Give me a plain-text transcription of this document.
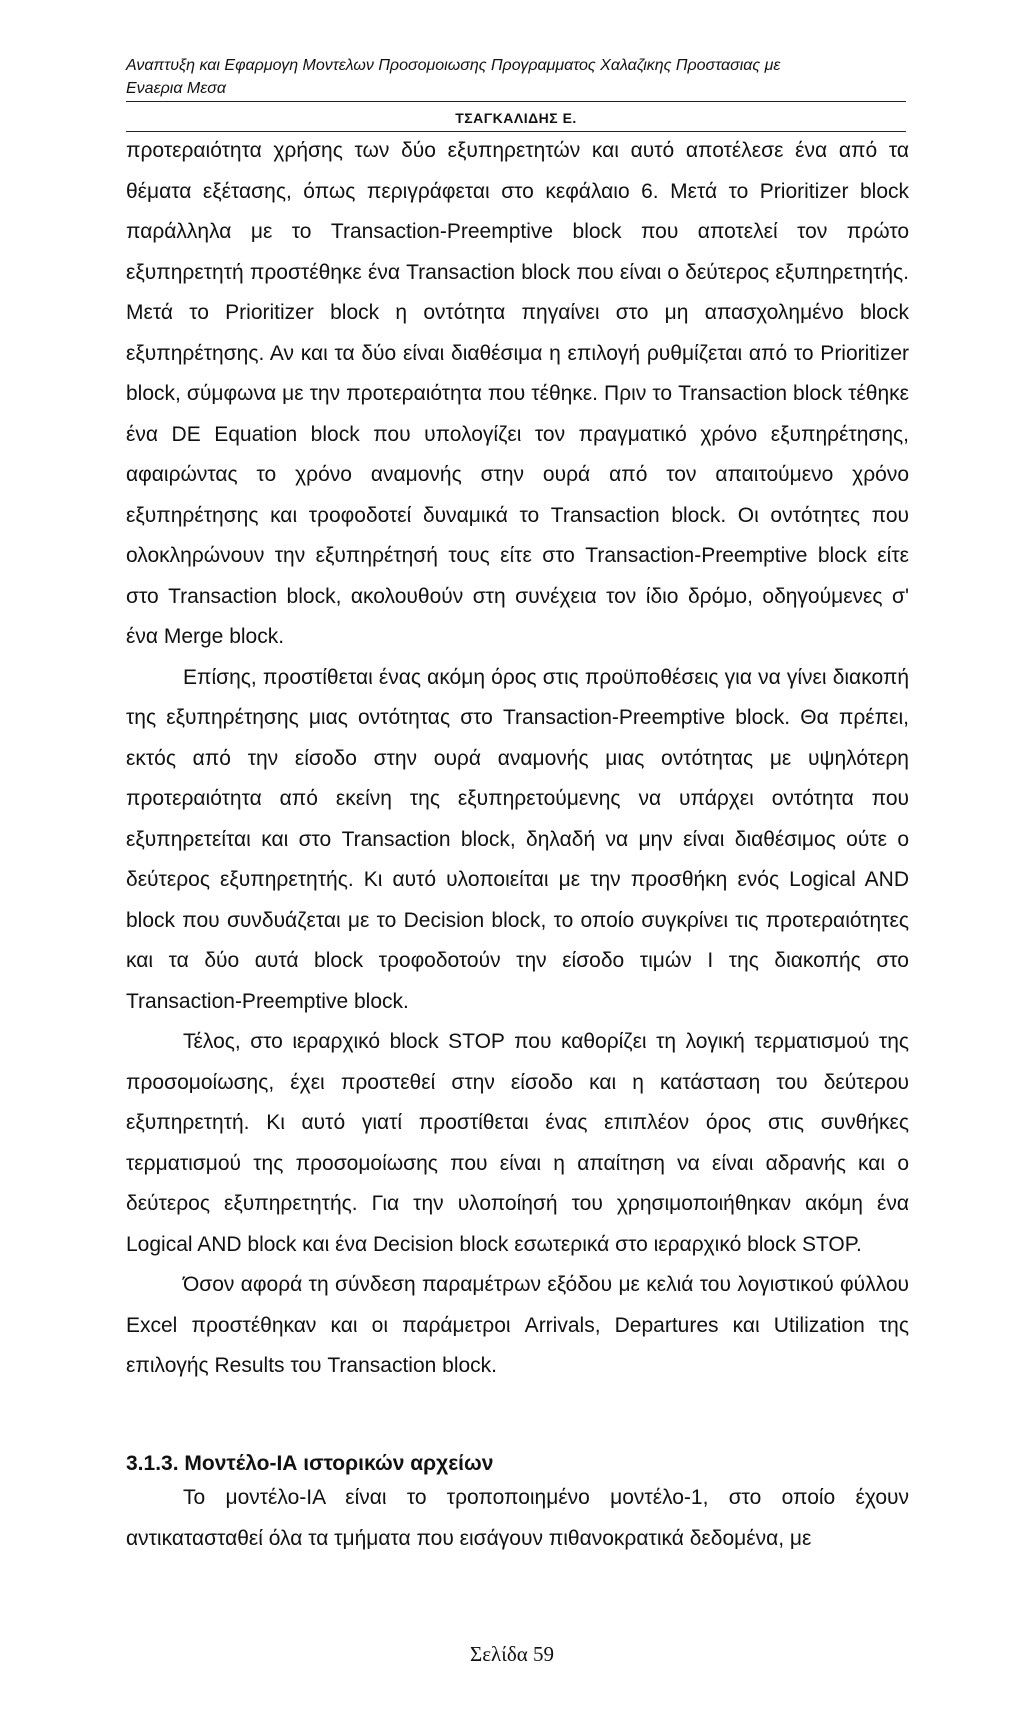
Αναπτυξη και Εφαρμογη Μοντελων Προσομοιωσης Προγραμματος Χαλαζικης Προστασιας με
Ενaερια Μεσα
ΤΣΑΓΚΑΛΙΔΗΣ Ε.

προτεραιότητα χρήσης των δύο εξυπηρετητών και αυτό αποτέλεσε ένα από τα θέματα εξέτασης, όπως περιγράφεται στο κεφάλαιο 6. Μετά το Prioritizer block παράλληλα με το Transaction-Preemptive block που αποτελεί τον πρώτο εξυπηρετητή προστέθηκε ένα Transaction block που είναι ο δεύτερος εξυπηρετητής. Μετά το Prioritizer block η οντότητα πηγαίνει στο μη απασχολημένο block εξυπηρέτησης. Αν και τα δύο είναι διαθέσιμα η επιλογή ρυθμίζεται από το Prioritizer block, σύμφωνα με την προτεραιότητα που τέθηκε. Πριν το Transaction block τέθηκε ένα DE Equation block που υπολογίζει τον πραγματικό χρόνο εξυπηρέτησης, αφαιρώντας το χρόνο αναμονής στην ουρά από τον απαιτούμενο χρόνο εξυπηρέτησης και τροφοδοτεί δυναμικά το Transaction block. Οι οντότητες που ολοκληρώνουν την εξυπηρέτησή τους είτε στο Transaction-Preemptive block είτε στο Transaction block, ακολουθούν στη συνέχεια τον ίδιο δρόμο, οδηγούμενες σ' ένα Merge block.

Επίσης, προστίθεται ένας ακόμη όρος στις προϋποθέσεις για να γίνει διακοπή της εξυπηρέτησης μιας οντότητας στο Transaction-Preemptive block. Θα πρέπει, εκτός από την είσοδο στην ουρά αναμονής μιας οντότητας με υψηλότερη προτεραιότητα από εκείνη της εξυπηρετούμενης να υπάρχει οντότητα που εξυπηρετείται και στο Transaction block, δηλαδή να μην είναι διαθέσιμος ούτε ο δεύτερος εξυπηρετητής. Κι αυτό υλοποιείται με την προσθήκη ενός Logical AND block που συνδυάζεται με το Decision block, το οποίο συγκρίνει τις προτεραιότητες και τα δύο αυτά block τροφοδοτούν την είσοδο τιμών I της διακοπής στο Transaction-Preemptive block.

Τέλος, στο ιεραρχικό block STOP που καθορίζει τη λογική τερματισμού της προσομοίωσης, έχει προστεθεί στην είσοδο και η κατάσταση του δεύτερου εξυπηρετητή. Κι αυτό γιατί προστίθεται ένας επιπλέον όρος στις συνθήκες τερματισμού της προσομοίωσης που είναι η απαίτηση να είναι αδρανής και ο δεύτερος εξυπηρετητής. Για την υλοποίησή του χρησιμοποιήθηκαν ακόμη ένα Logical AND block και ένα Decision block εσωτερικά στο ιεραρχικό block STOP.

Όσον αφορά τη σύνδεση παραμέτρων εξόδου με κελιά του λογιστικού φύλλου Excel προστέθηκαν και οι παράμετροι Arrivals, Departures και Utilization της επιλογής Results του Transaction block.

3.1.3. Μοντέλο-ΙΑ ιστορικών αρχείων

Το μοντέλο-ΙΑ είναι το τροποποιημένο μοντέλο-1, στο οποίο έχουν αντικατασταθεί όλα τα τμήματα που εισάγουν πιθανοκρατικά δεδομένα, με

Σελίδα 59
